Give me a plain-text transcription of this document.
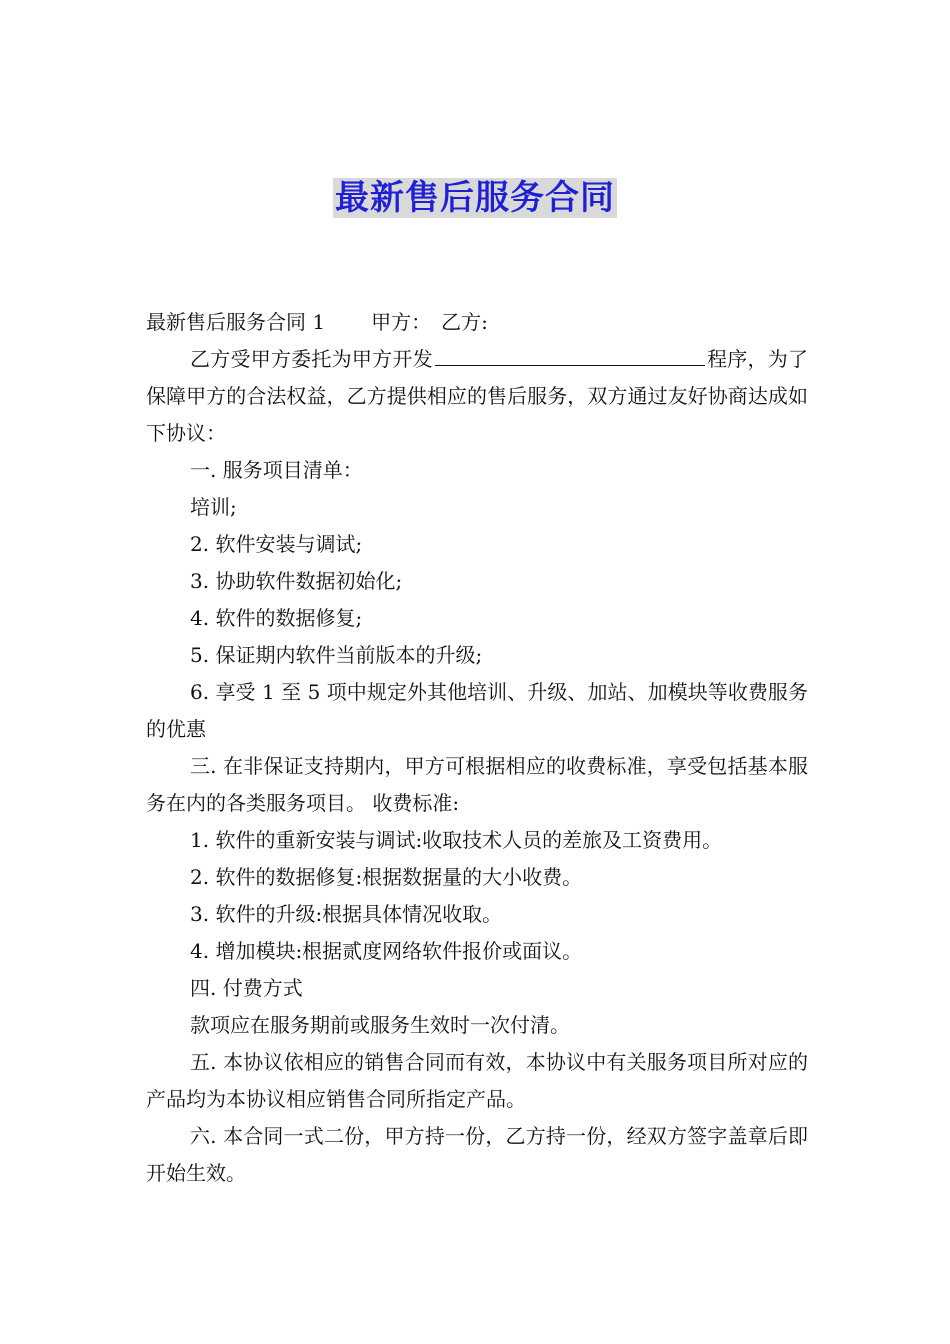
最新售后服务合同

最新售后服务合同 1 甲方： 乙方:

乙方受甲方委托为甲方开发	程序，为了保障甲方的合法权益，乙方提供相应的售后服务，双方通过友好协商达成如下协议：

一. 服务项目清单：

培训;

2. 软件安装与调试;

3. 协助软件数据初始化;

4. 软件的数据修复;

5. 保证期内软件当前版本的升级;

6. 享受 1 至 5 项中规定外其他培训、升级、加站、加模块等收费服务的优惠

三. 在非保证支持期内，甲方可根据相应的收费标准，享受包括基本服务在内的各类服务项目。 收费标准:

1. 软件的重新安装与调试:收取技术人员的差旅及工资费用。

2. 软件的数据修复:根据数据量的大小收费。

3. 软件的升级:根据具体情况收取。

4. 增加模块:根据贰度网络软件报价或面议。

四. 付费方式

款项应在服务期前或服务生效时一次付清。

五. 本协议依相应的销售合同而有效，本协议中有关服务项目所对应的产品均为本协议相应销售合同所指定产品。

六. 本合同一式二份，甲方持一份，乙方持一份，经双方签字盖章后即开始生效。
